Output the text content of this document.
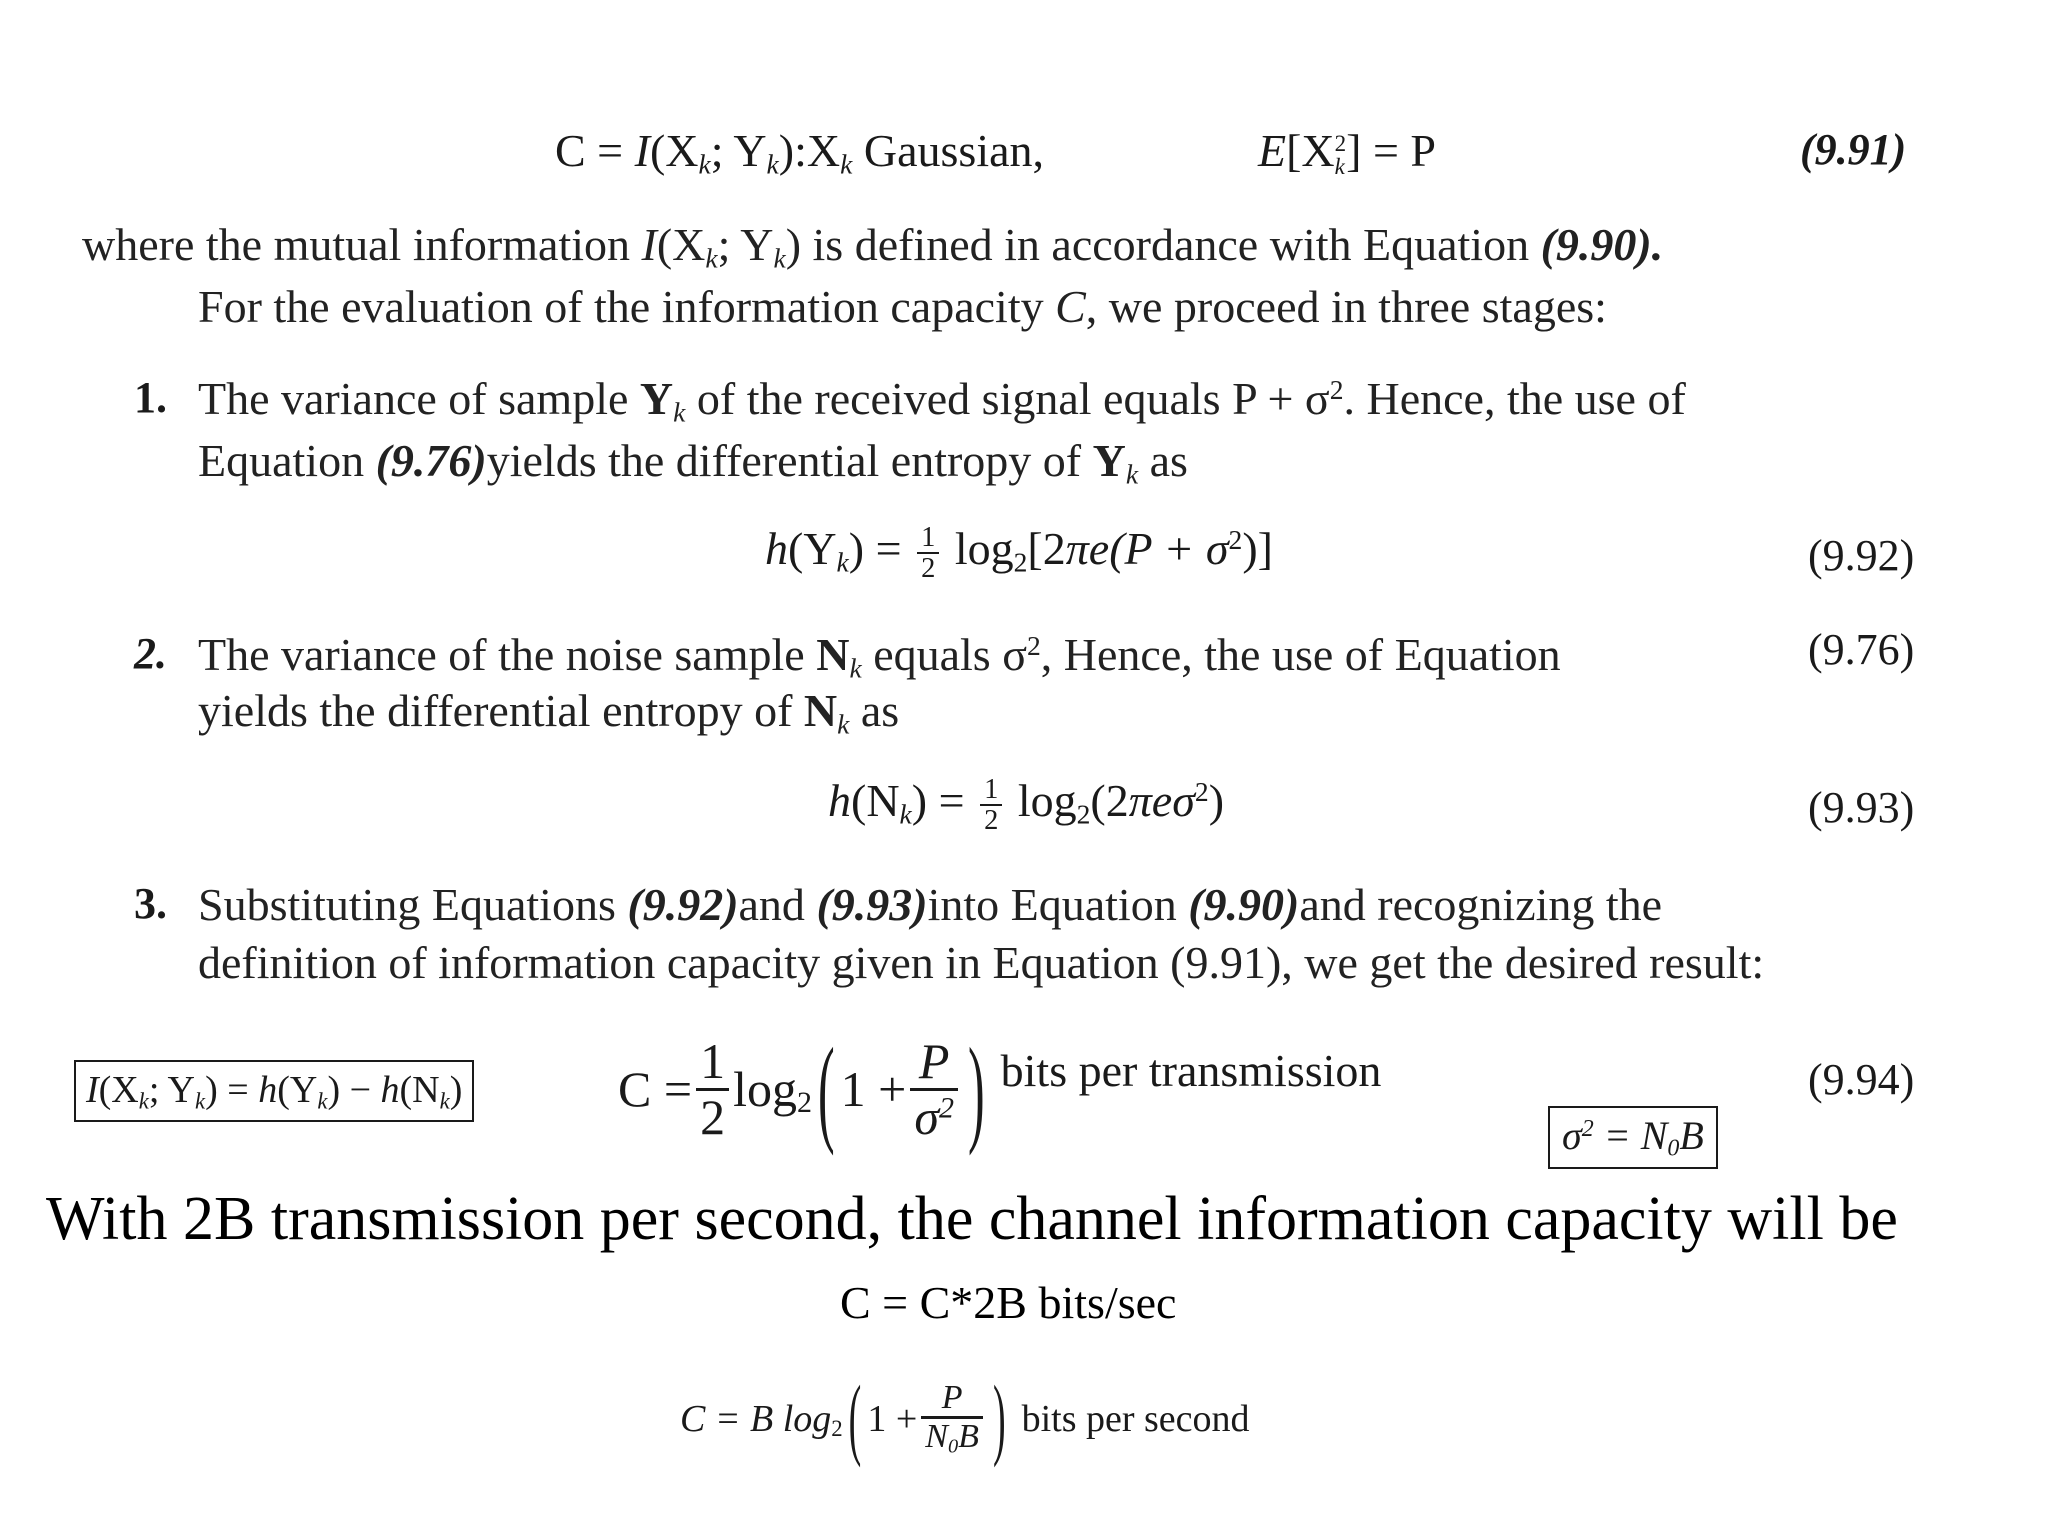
$C = I(X_k$; $Y_k):X_k$ Gaussian,	E[X 2
k ] = P	(9.91)
where the mutual information $I(X_k$; $Y_k$) is defined in accordance with Equation (9.90).
For the evaluation of the information capacity C, we proceed in three stages:
1. The variance of sample $Y_k$ of the received signal equals $P + \sigma^2$. Hence, the use of
Equation (9.76)yields the differential entropy of $Y_k$ as
$h(Y_k) = \frac{1}{2} \log_2[2\pi e(P + \sigma^2)]$	(9.92)
2. The variance of the noise sample $N_k$ equals $\sigma^2$, Hence, the use of Equation	(9.76)
yields the differential entropy of $N_k$ as
$h(N_k) = \frac{1}{2} \log_2(2\pi e\sigma^2)$	(9.93)
3. Substituting Equations (9.92)and (9.93)into Equation (9.90)and recognizing the
definition of information capacity given in Equation (9.91), we get the desired result:
$I(X_k$; $Y_k) = h(Y_k) - h(N_k)$	$C = \frac{1}{2}$ log 2 ( $1 + \frac{P}{\sigma^2}$ ) bits per transmission	(9.94)
$\sigma^2 = N_0B$
With 2B transmission per second, the channel information capacity will be
C = C*2B bits/sec
C = B log 2 ( $1 + \frac{P}{N_0B}$ ) bits per second
